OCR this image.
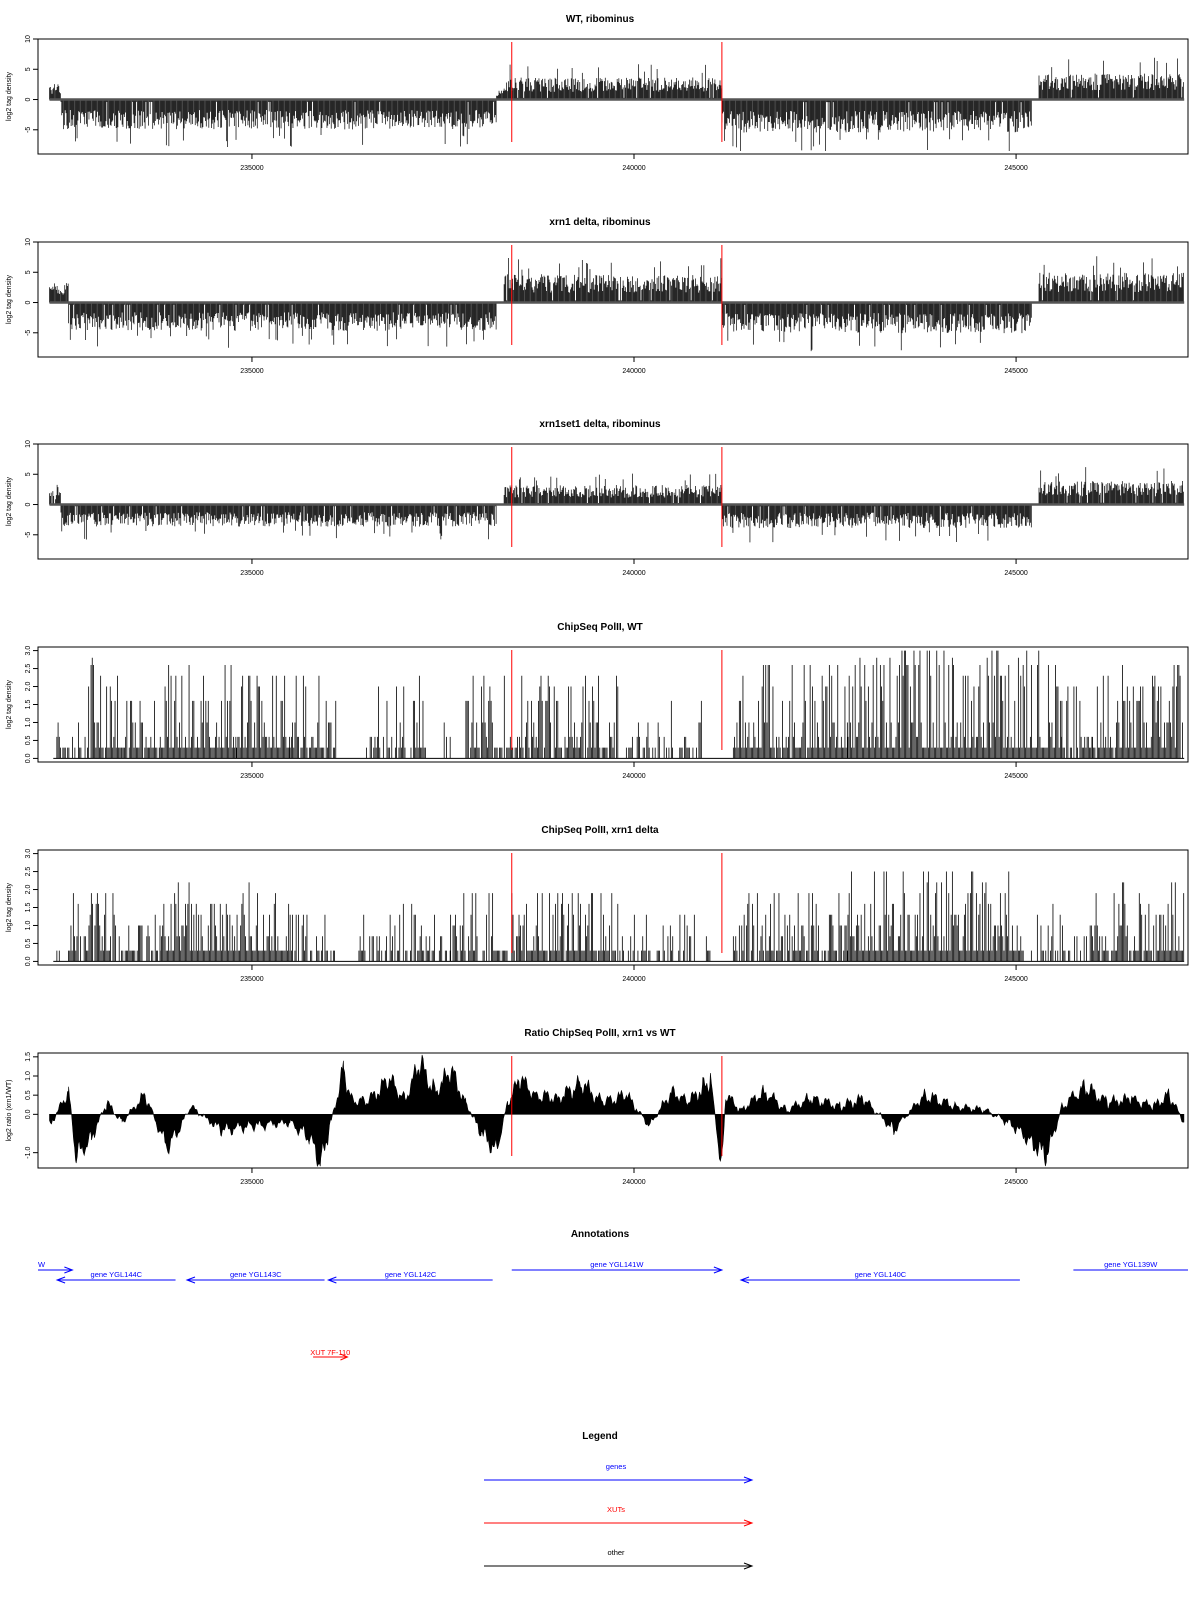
WT, ribominus
log2 tag density
10
5
0
-5
235000	240000	245000
xrn1 delta, ribominus
log2 tag density
10
5
0
-5
235000	240000	245000
xrn1set1 delta, ribominus
log2 tag density
10
5
0
-5
235000	240000	245000
ChipSeq PolII, WT
log2 tag density
3.0
2.5
2.0
1.5
1.0
0.5
0.0
235000	240000	245000
ChipSeq PolII, xrn1 delta
log2 tag density
3.0
2.5
2.0
1.5
1.0
0.5
0.0
235000	240000	245000
Ratio ChipSeq PolII, xrn1 vs WT
log2 ratio (xrn1/WT)
1.5
1.0
0.5
0.0
-1.0
235000	240000	245000
Annotations
W
gene YGL144C	gene YGL143C	gene YGL142C
gene YGL141W
gene YGL140C
gene YGL139W
XUT 7F-110
Legend
genes
XUTs
other
